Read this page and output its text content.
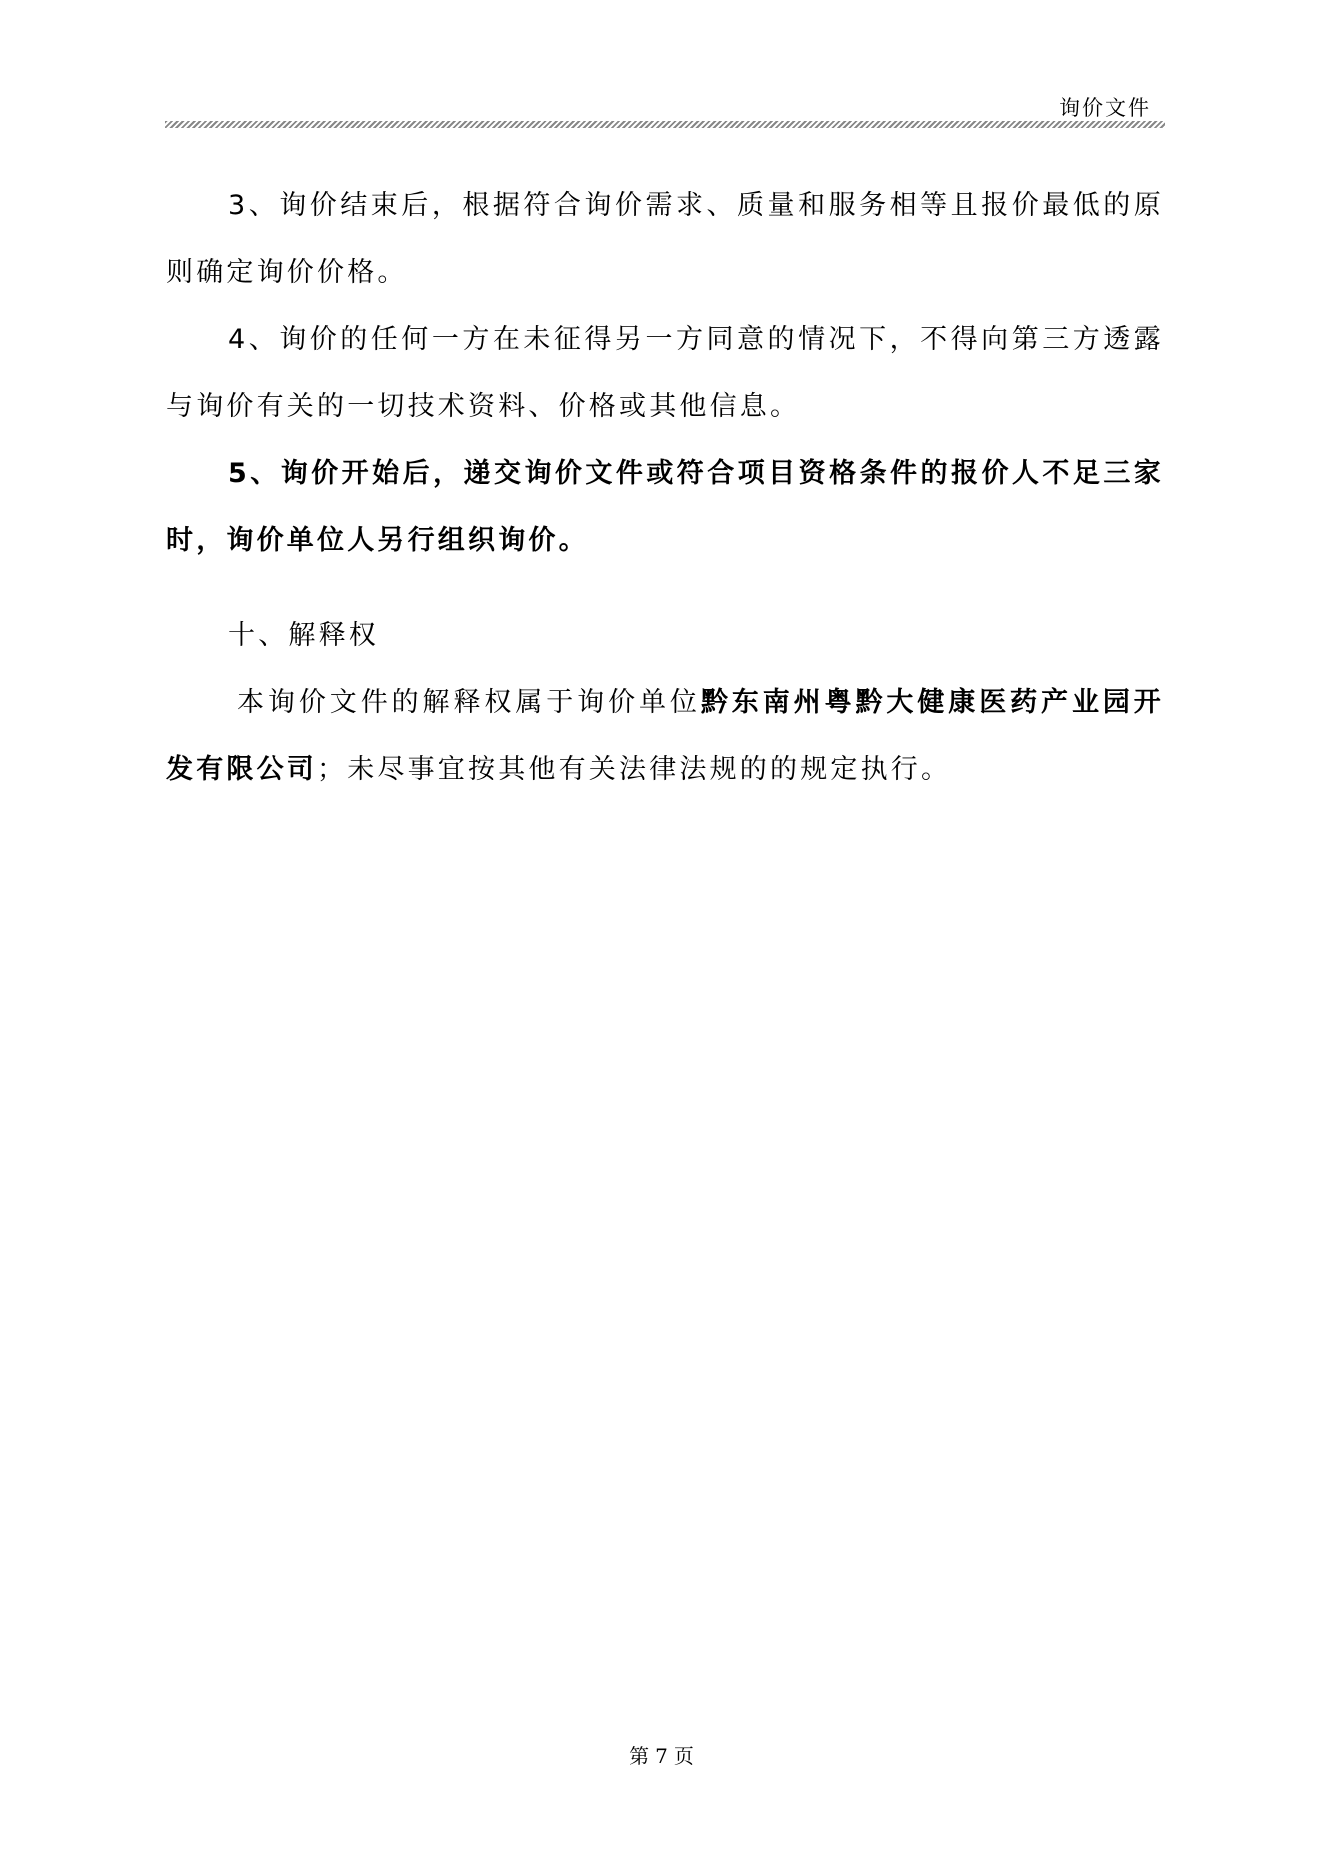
询价文件

3、询价结束后，根据符合询价需求、质量和服务相等且报价最低的原则确定询价价格。

4、询价的任何一方在未征得另一方同意的情况下，不得向第三方透露与询价有关的一切技术资料、价格或其他信息。

5、询价开始后，递交询价文件或符合项目资格条件的报价人不足三家时，询价单位人另行组织询价。

十、解释权

本询价文件的解释权属于询价单位黔东南州粤黔大健康医药产业园开发有限公司；未尽事宜按其他有关法律法规的的规定执行。

第 7 页
